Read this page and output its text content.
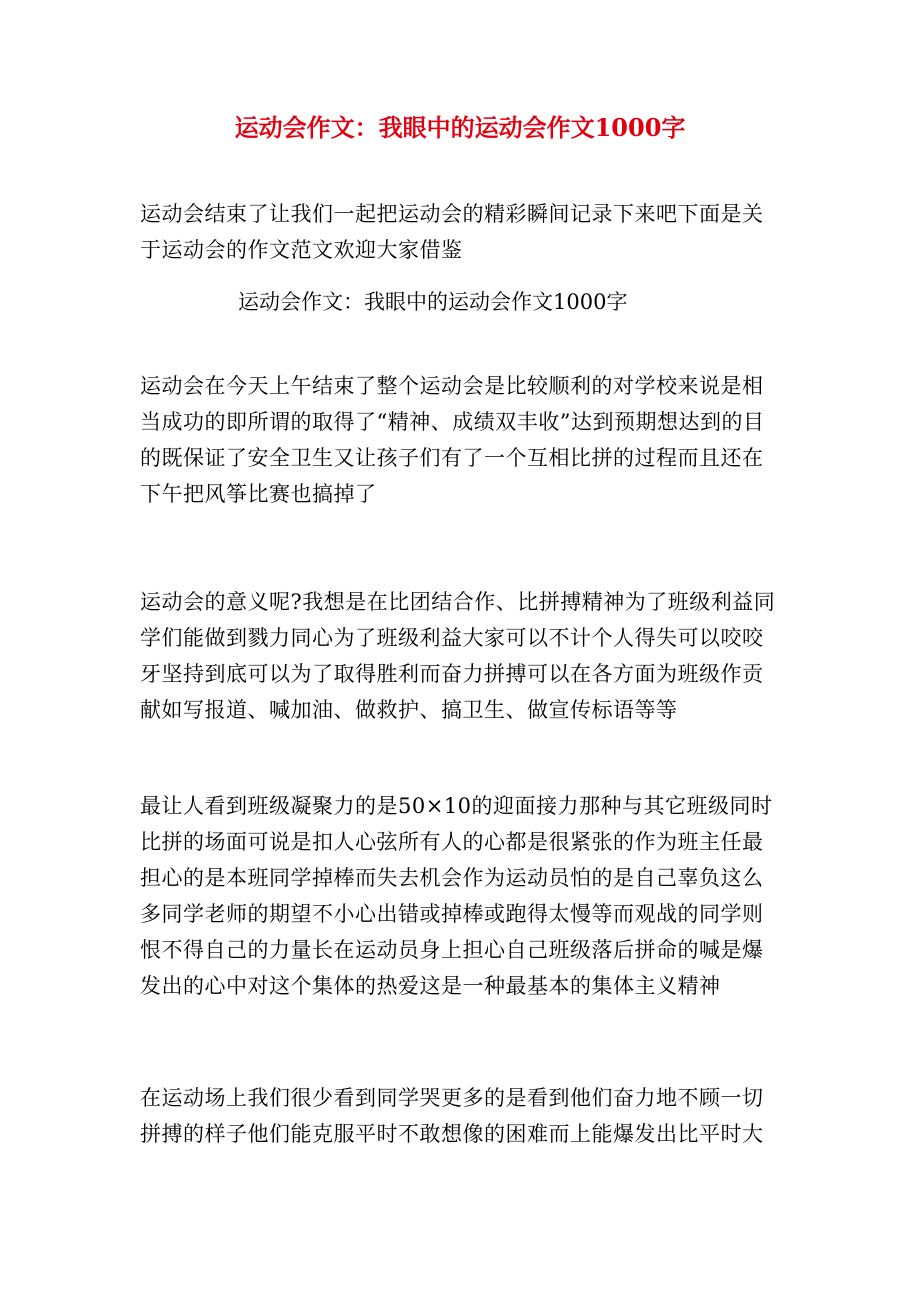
运动会作文：我眼中的运动会作文1000字

运动会结束了让我们一起把运动会的精彩瞬间记录下来吧下面是关于运动会的作文范文欢迎大家借鉴

运动会作文：我眼中的运动会作文1000字

运动会在今天上午结束了整个运动会是比较顺利的对学校来说是相当成功的即所谓的取得了“精神、成绩双丰收”达到预期想达到的目的既保证了安全卫生又让孩子们有了一个互相比拼的过程而且还在下午把风筝比赛也搞掉了

运动会的意义呢?我想是在比团结合作、比拼搏精神为了班级利益同学们能做到戮力同心为了班级利益大家可以不计个人得失可以咬咬牙坚持到底可以为了取得胜利而奋力拼搏可以在各方面为班级作贡献如写报道、喊加油、做救护、搞卫生、做宣传标语等等

最让人看到班级凝聚力的是50×10的迎面接力那种与其它班级同时比拼的场面可说是扣人心弦所有人的心都是很紧张的作为班主任最担心的是本班同学掉棒而失去机会作为运动员怕的是自己辜负这么多同学老师的期望不小心出错或掉棒或跑得太慢等而观战的同学则恨不得自己的力量长在运动员身上担心自己班级落后拼命的喊是爆发出的心中对这个集体的热爱这是一种最基本的集体主义精神

在运动场上我们很少看到同学哭更多的是看到他们奋力地不顾一切拼搏的样子他们能克服平时不敢想像的困难而上能爆发出比平时大
